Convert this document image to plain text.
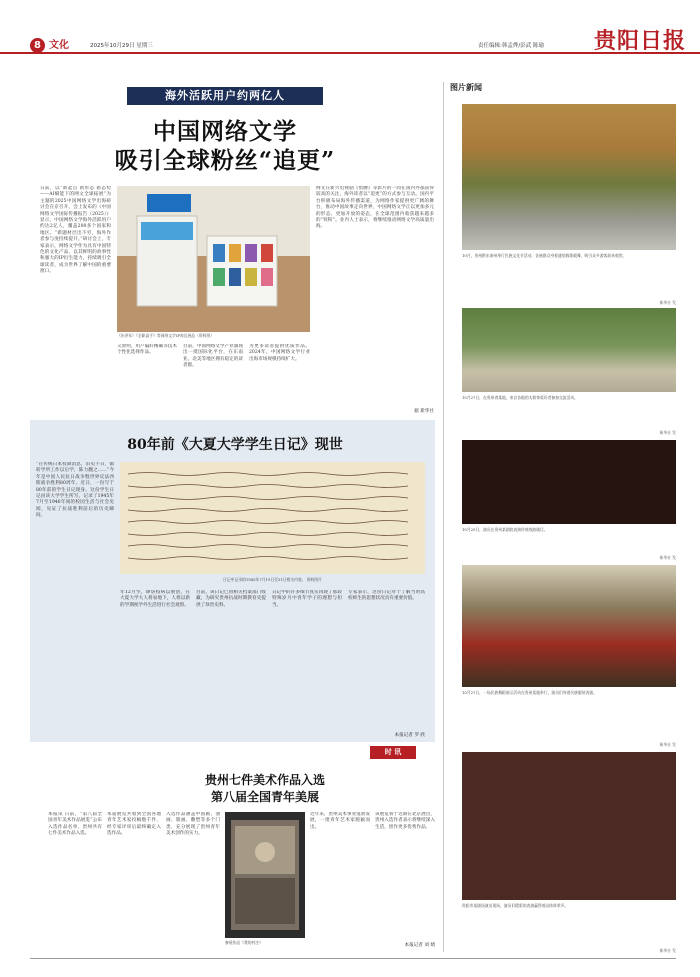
8 文化	2025年10月29日 星期三	责任编辑:韩孟烨/彭武 陈瑜 贵阳日报
海外活跃用户约两亿人
中国网络文学
吸引全球粉丝“追更”
日前，以“新起点 新形态 新态势——AI赋能下的网文全球拓展”为主题的2025中国网络文学出海研讨会在京召开。会上发布的《中国网络文学国际传播报告（2025）》显示，中国网络文学海外活跃用户约达2亿人，覆盖200多个国家和地区。“新题材层出不穷，海外作者参与度持续提升。”研讨会上，专家表示，网络文学作为具有中国特色的文化产品，以其鲜明的故事性和强大的IP衍生能力，持续吸引全球读者，成为世界了解中国的重要窗口。
《庆余年》《全职高手》等网络文学IP周边展品（资料图）
义原则，用户偏好精确等技术个性化选择作品。
目前，中国网络文学产业涌现出一批国际化平台，在东南亚、北美等地区拥有稳定的读者群。
为更多读者提供优质作品。2024年，中国网络文学行业出海市场规模持续扩大。
网文在新兴电视剧《惜腰》等影片的一同在国内外都获得较高的关注，海外读者以“追更”的方式参与互动。国内平台积极布局海外传播渠道，为网络作家提供更广阔的舞台，推动中国故事走向世界，中国网络文学正以更加多元的形态、更加开放的姿态，在全球范围内收获越来越多的“铁粉”。业内人士表示，将继续推动网络文学高质量出海。
据 新华社
80年前《大夏大学学生日记》现世
“在传统日本投降消息，旧史不日，镇转学所工作以后学，陈力翻之……”今年是中国人民抗日战争暨世界反法西斯战争胜利80周年。近日，一份写于80年前的学生日记现身。这份学生日记由该大学学生所写，记录了1945年7月至1946年间的校园生活与社会见闻，见证了抗战胜利前后的历史瞬间。
日记中记录的1945年7月19日至31日相关内容。 资料图片
年12月至，肆虐疫病以重创，在大夏大学大人将易地下，人将以新的学期视学外生活进行社会观察。
目前，该日记已由相关档案部门收藏，为研究贵州抗战时期教育史提供了珍贵史料。
日记中的许多细节真实再现了那段特殊岁月中青年学子的理想与担当。
专家表示，这份日记对于了解当时高校师生的思想状况具有重要价值。
本报记者 罗 欣
时 讯
贵州七件美术作品入选
第八届全国青年美展
本报讯 日前，“第八届全国青年美术作品展览”公布入选作品名单，贵州共有七件美术作品入选。
本届展览共收到全国各地青年艺术家投稿数千件，经专家评审后最终确定入选作品。
入选作品涵盖中国画、油画、版画、雕塑等多个门类，充分展现了贵州青年美术创作的实力。
参展作品《我的村庄》
近年来，贵州美术事业蓬勃发展，一批青年艺术家脱颖而出。
该展览将于近期在北京展出，贵州入选作者表示将继续深入生活，创作更多优秀作品。
本报记者 刘 婧
图片新闻
10月，贵州黔东南州举行民族文化节活动，各族群众身着盛装载歌载舞，吸引众多游客前来观赏。
新华社 发
10月27日，在贵州省某地，来自各地的太极拳爱好者参加交流活动。
新华社 发
10月25日，演员在贵州某剧院表演传统戏曲剧目。
新华社 发
10月27日，一场民族舞蹈展示活动在贵州某地举行，演员们身着民族服装表演。
新华社 发
贵阳市某剧场演出现场，演员们精彩的表演赢得观众阵阵掌声。
新华社 发
